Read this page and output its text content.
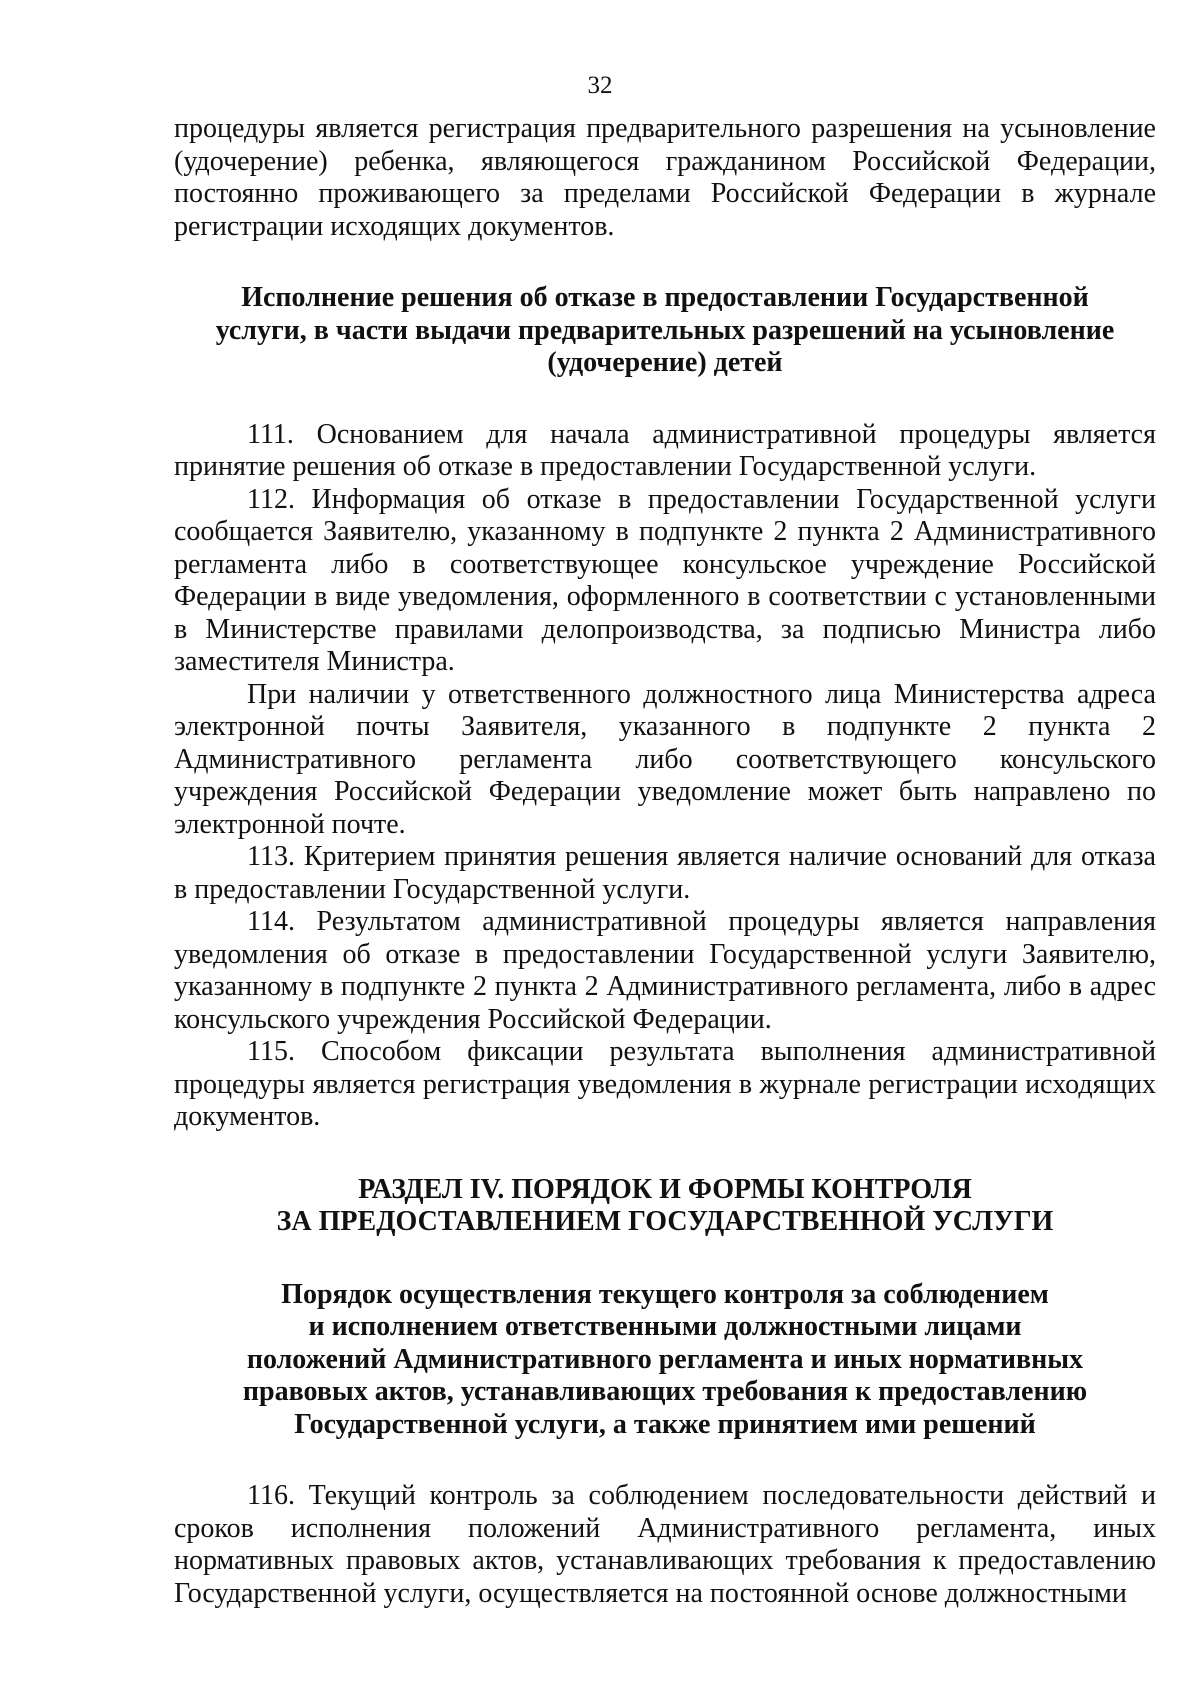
32

процедуры является регистрация предварительного разрешения на усыновление (удочерение) ребенка, являющегося гражданином Российской Федерации, постоянно проживающего за пределами Российской Федерации в журнале регистрации исходящих документов.

Исполнение решения об отказе в предоставлении Государственной
услуги, в части выдачи предварительных разрешений на усыновление
(удочерение) детей

111. Основанием для начала административной процедуры является принятие решения об отказе в предоставлении Государственной услуги.

112. Информация об отказе в предоставлении Государственной услуги сообщается Заявителю, указанному в подпункте 2 пункта 2 Административного регламента либо в соответствующее консульское учреждение Российской Федерации в виде уведомления, оформленного в соответствии с установленными в Министерстве правилами делопроизводства, за подписью Министра либо заместителя Министра.

При наличии у ответственного должностного лица Министерства адреса электронной почты Заявителя, указанного в подпункте 2 пункта 2 Административного регламента либо соответствующего консульского учреждения Российской Федерации уведомление может быть направлено по электронной почте.

113. Критерием принятия решения является наличие оснований для отказа в предоставлении Государственной услуги.

114. Результатом административной процедуры является направления уведомления об отказе в предоставлении Государственной услуги Заявителю, указанному в подпункте 2 пункта 2 Административного регламента, либо в адрес консульского учреждения Российской Федерации.

115. Способом фиксации результата выполнения административной процедуры является регистрация уведомления в журнале регистрации исходящих документов.

РАЗДЕЛ IV. ПОРЯДОК И ФОРМЫ КОНТРОЛЯ
ЗА ПРЕДОСТАВЛЕНИЕМ ГОСУДАРСТВЕННОЙ УСЛУГИ
Порядок осуществления текущего контроля за соблюдением
и исполнением ответственными должностными лицами
положений Административного регламента и иных нормативных
правовых актов, устанавливающих требования к предоставлению
Государственной услуги, а также принятием ими решений

116. Текущий контроль за соблюдением последовательности действий и сроков исполнения положений Административного регламента, иных нормативных правовых актов, устанавливающих требования к предоставлению Государственной услуги, осуществляется на постоянной основе должностными
